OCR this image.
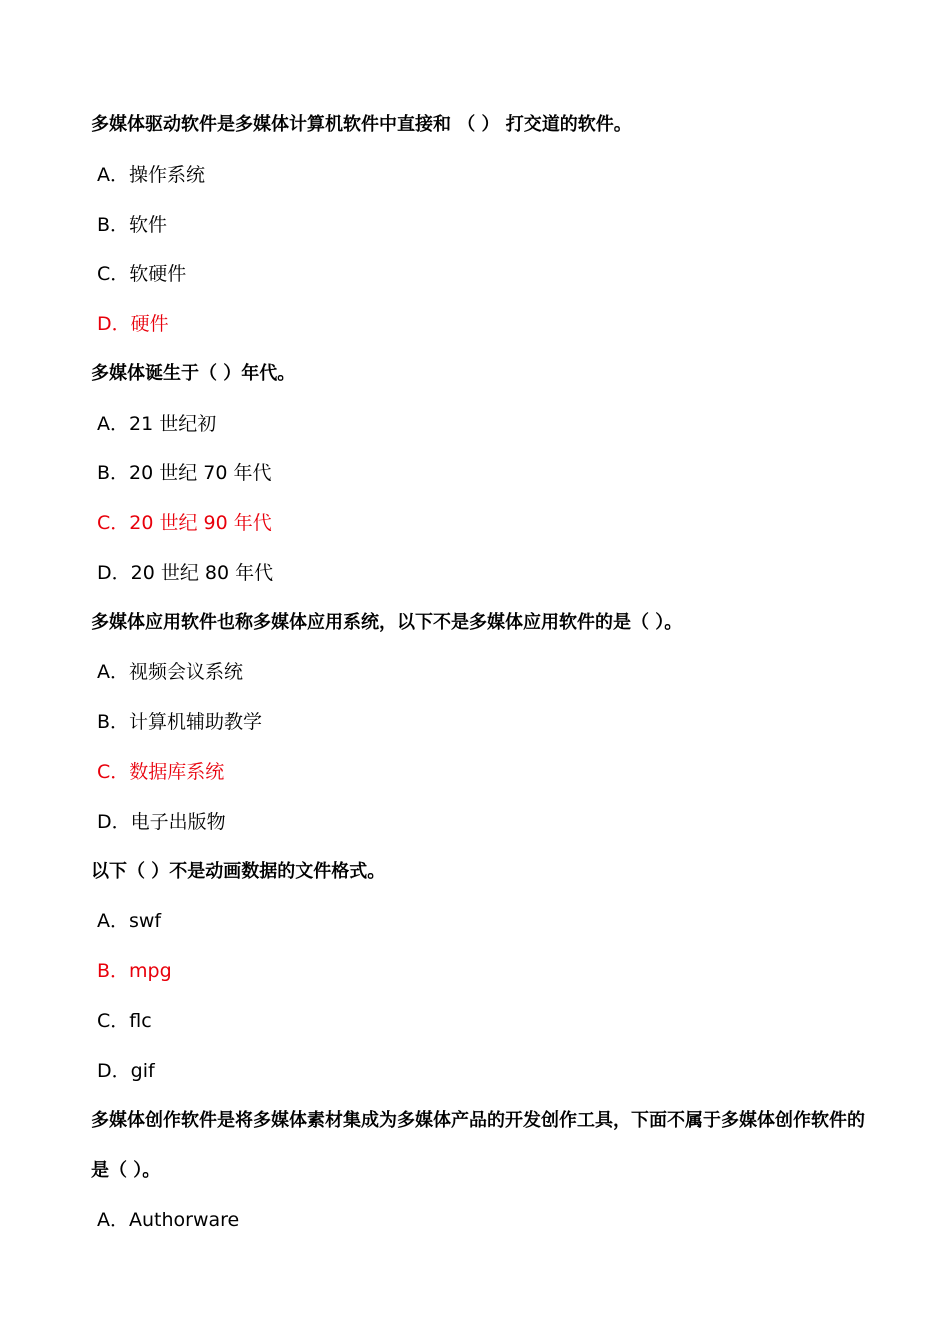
多媒体驱动软件是多媒体计算机软件中直接和 （ ） 打交道的软件。
A．操作系统
B．软件
C．软硬件
D．硬件
多媒体诞生于（ ）年代。
A．21 世纪初
B．20 世纪 70 年代
C．20 世纪 90 年代
D．20 世纪 80 年代
多媒体应用软件也称多媒体应用系统，以下不是多媒体应用软件的是（ ）。
A．视频会议系统
B．计算机辅助教学
C．数据库系统
D．电子出版物
以下（ ）不是动画数据的文件格式。
A．swf
B．mpg
C．flc
D．gif
多媒体创作软件是将多媒体素材集成为多媒体产品的开发创作工具，下面不属于多媒体创作软件的是（ ）。
A．Authorware
